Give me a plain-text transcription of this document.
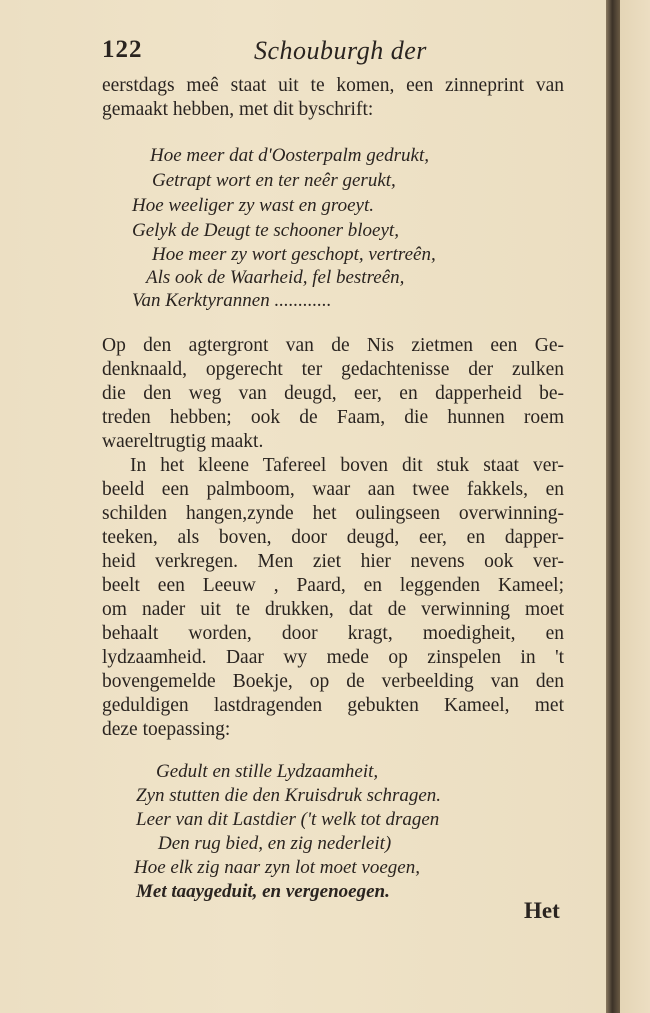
122	Schouburgh der
eerstdags meê staat uit te komen, een zinneprint van
gemaakt hebben, met dit byschrift:
Hoe meer dat d'Oosterpalm gedrukt,
Getrapt wort en ter neêr gerukt,
Hoe weeliger zy wast en groeyt.
Gelyk de Deugt te schooner bloeyt,
Hoe meer zy wort geschopt, vertreên,
Als ook de Waarheid, fel bestreên,
Van Kerktyrannen ............
Op den agtergront van de Nis zietmen een Ge-
denknaald, opgerecht ter gedachtenisse der zulken
die den weg van deugd, eer, en dapperheid be-
treden hebben; ook de Faam, die hunnen roem
waereltrugtig maakt.
In het kleene Tafereel boven dit stuk staat ver-
beeld een palmboom, waar aan twee fakkels, en
schilden hangen,zynde het oulingseen overwinning-
teeken, als boven, door deugd, eer, en dapper-
heid verkregen. Men ziet hier nevens ook ver-
beelt een Leeuw , Paard, en leggenden Kameel;
om nader uit te drukken, dat de verwinning moet
behaalt worden, door kragt, moedigheit, en
lydzaamheid. Daar wy mede op zinspelen in 't
bovengemelde Boekje, op de verbeelding van den
geduldigen lastdragenden gebukten Kameel, met
deze toepassing:
Gedult en stille Lydzaamheit,
Zyn stutten die den Kruisdruk schragen.
Leer van dit Lastdier ('t welk tot dragen
Den rug bied, en zig nederleit)
Hoe elk zig naar zyn lot moet voegen,
Met taaygeduit, en vergenoegen.
Het
